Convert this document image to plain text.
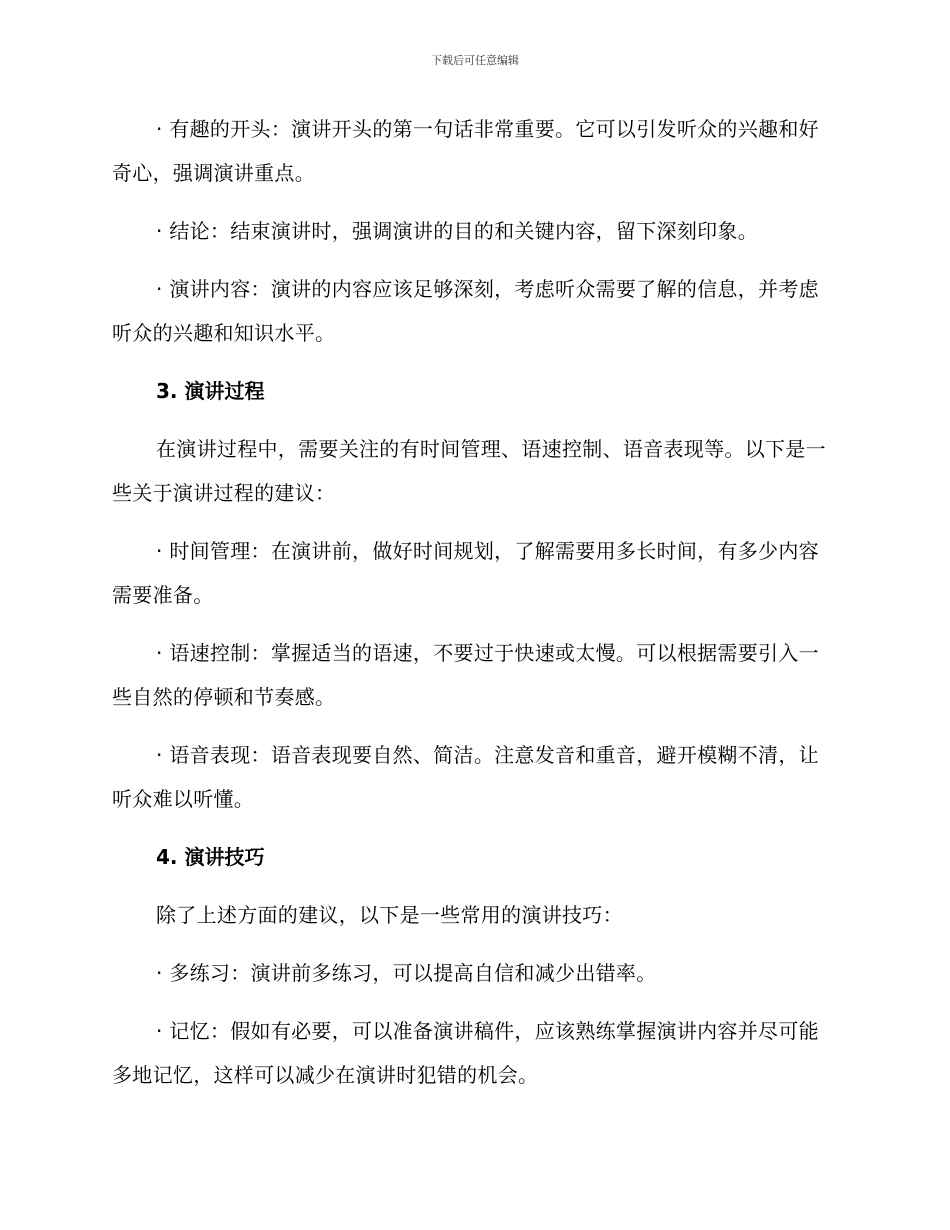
下载后可任意编辑

· 有趣的开头：演讲开头的第一句话非常重要。它可以引发听众的兴趣和好奇心，强调演讲重点。

· 结论：结束演讲时，强调演讲的目的和关键内容，留下深刻印象。

· 演讲内容：演讲的内容应该足够深刻，考虑听众需要了解的信息，并考虑听众的兴趣和知识水平。

3. 演讲过程

在演讲过程中，需要关注的有时间管理、语速控制、语音表现等。以下是一些关于演讲过程的建议：

· 时间管理：在演讲前，做好时间规划，了解需要用多长时间，有多少内容需要准备。

· 语速控制：掌握适当的语速，不要过于快速或太慢。可以根据需要引入一些自然的停顿和节奏感。

· 语音表现：语音表现要自然、简洁。注意发音和重音，避开模糊不清，让听众难以听懂。

4. 演讲技巧

除了上述方面的建议，以下是一些常用的演讲技巧：

· 多练习：演讲前多练习，可以提高自信和减少出错率。

· 记忆：假如有必要，可以准备演讲稿件，应该熟练掌握演讲内容并尽可能多地记忆，这样可以减少在演讲时犯错的机会。
